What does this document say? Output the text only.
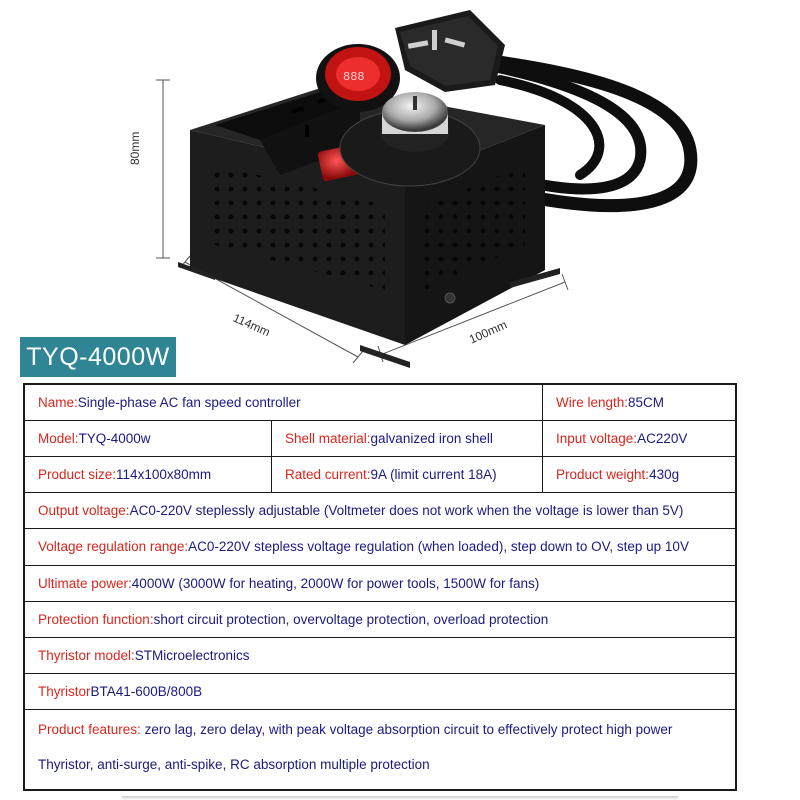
888
80mm
114mm	100mm
TYQ-4000W
Name: Single-phase AC fan speed controller	Wire length: 85CM
Model: TYQ-4000w	Shell material: galvanized iron shell	Input voltage: AC220V
Product size: 114x100x80mm	Rated current: 9A (limit current 18A)	Product weight: 430g
Output voltage: AC0-220V steplessly adjustable (Voltmeter does not work when the voltage is lower than 5V)
Voltage regulation range: AC0-220V stepless voltage regulation (when loaded), step down to OV, step up 10V
Ultimate power: 4000W (3000W for heating, 2000W for power tools, 1500W for fans)
Protection function: short circuit protection, overvoltage protection, overload protection
Thyristor model: STMicroelectronics
Thyristor BTA41-600B/800B
Product features: zero lag, zero delay, with peak voltage absorption circuit to effectively protect high power
Thyristor, anti-surge, anti-spike, RC absorption multiple protection
